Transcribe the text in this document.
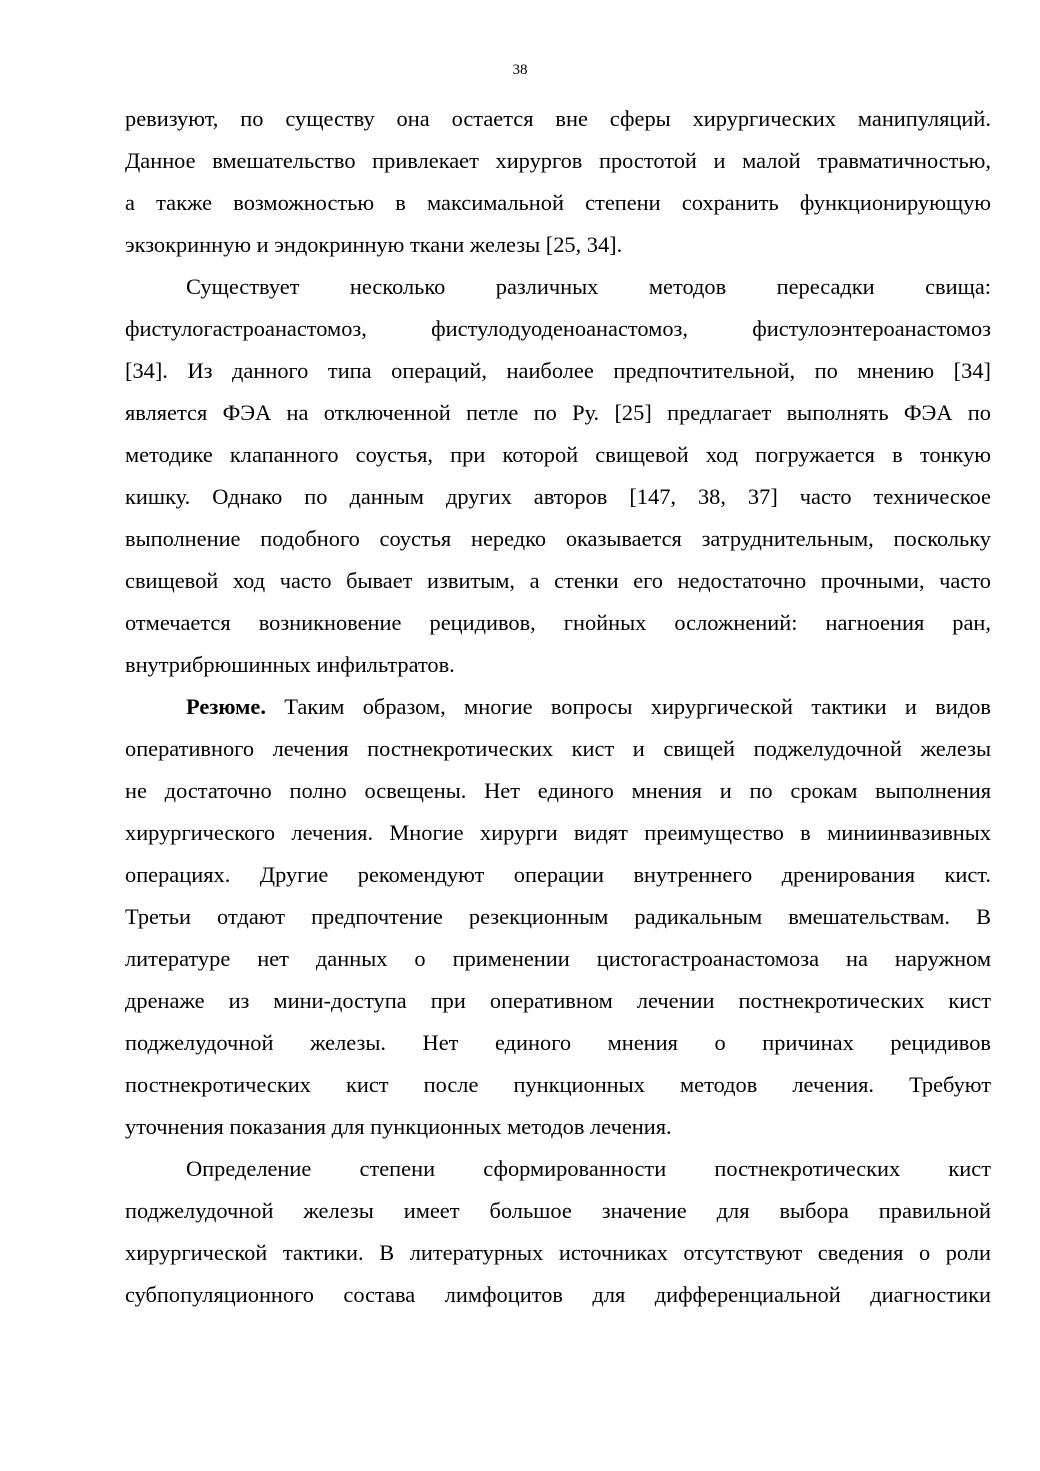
38
ревизуют, по существу она остается вне сферы хирургических манипуляций.
Данное вмешательство привлекает хирургов простотой и малой травматичностью,
а также возможностью в максимальной степени сохранить функционирующую
экзокринную и эндокринную ткани железы [25, 34].
Существует несколько различных методов пересадки свища:
фистулогастроанастомоз, фистулодуоденоанастомоз, фистулоэнтероанастомоз
[34]. Из данного типа операций, наиболее предпочтительной, по мнению [34]
является ФЭА на отключенной петле по Ру. [25] предлагает выполнять ФЭА по
методике клапанного соустья, при которой свищевой ход погружается в тонкую
кишку. Однако по данным других авторов [147, 38, 37] часто техническое
выполнение подобного соустья нередко оказывается затруднительным, поскольку
свищевой ход часто бывает извитым, а стенки его недостаточно прочными, часто
отмечается возникновение рецидивов, гнойных осложнений: нагноения ран,
внутрибрюшинных инфильтратов.
Резюме. Таким образом, многие вопросы хирургической тактики и видов
оперативного лечения постнекротических кист и свищей поджелудочной железы
не достаточно полно освещены. Нет единого мнения и по срокам выполнения
хирургического лечения. Многие хирурги видят преимущество в миниинвазивных
операциях. Другие рекомендуют операции внутреннего дренирования кист.
Третьи отдают предпочтение резекционным радикальным вмешательствам. В
литературе нет данных о применении цистогастроанастомоза на наружном
дренаже из мини-доступа при оперативном лечении постнекротических кист
поджелудочной железы. Нет единого мнения о причинах рецидивов
постнекротических кист после пункционных методов лечения. Требуют
уточнения показания для пункционных методов лечения.
Определение степени сформированности постнекротических кист
поджелудочной железы имеет большое значение для выбора правильной
хирургической тактики. В литературных источниках отсутствуют сведения о роли
субпопуляционного состава лимфоцитов для дифференциальной диагностики
